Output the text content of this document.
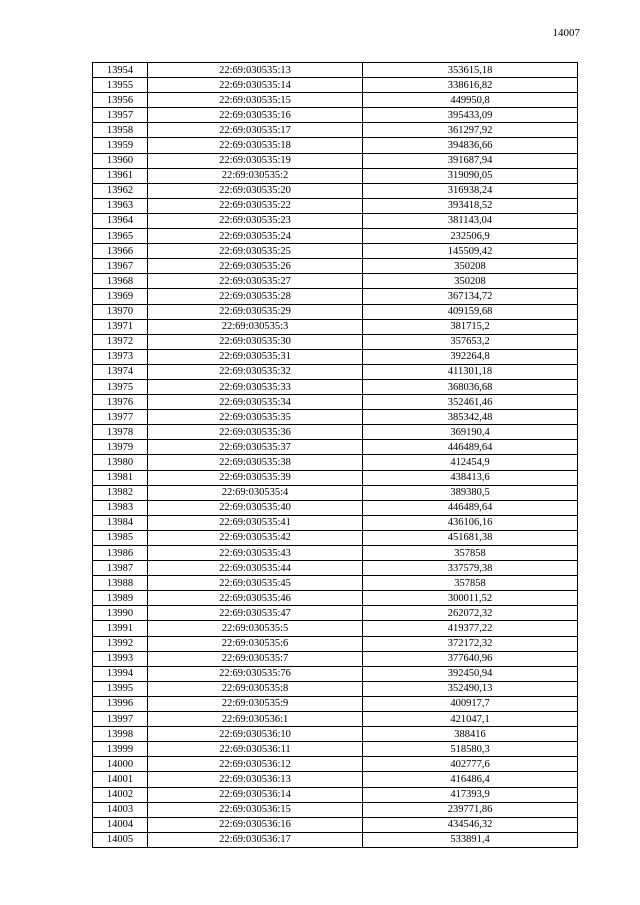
14007
13954	22:69:030535:13	353615,18
13955	22:69:030535:14	338616,82
13956	22:69:030535:15	449950,8
13957	22:69:030535:16	395433,09
13958	22:69:030535:17	361297,92
13959	22:69:030535:18	394836,66
13960	22:69:030535:19	391687,94
13961	22:69:030535:2	319090,05
13962	22:69:030535:20	316938,24
13963	22:69:030535:22	393418,52
13964	22:69:030535:23	381143,04
13965	22:69:030535:24	232506,9
13966	22:69:030535:25	145509,42
13967	22:69:030535:26	350208
13968	22:69:030535:27	350208
13969	22:69:030535:28	367134,72
13970	22:69:030535:29	409159,68
13971	22:69:030535:3	381715,2
13972	22:69:030535:30	357653,2
13973	22:69:030535:31	392264,8
13974	22:69:030535:32	411301,18
13975	22:69:030535:33	368036,68
13976	22:69:030535:34	352461,46
13977	22:69:030535:35	385342,48
13978	22:69:030535:36	369190,4
13979	22:69:030535:37	446489,64
13980	22:69:030535:38	412454,9
13981	22:69:030535:39	438413,6
13982	22:69:030535:4	389380,5
13983	22:69:030535:40	446489,64
13984	22:69:030535:41	436106,16
13985	22:69:030535:42	451681,38
13986	22:69:030535:43	357858
13987	22:69:030535:44	337579,38
13988	22:69:030535:45	357858
13989	22:69:030535:46	300011,52
13990	22:69:030535:47	262072,32
13991	22:69:030535:5	419377,22
13992	22:69:030535:6	372172,32
13993	22:69:030535:7	377640,96
13994	22:69:030535:76	392450,94
13995	22:69:030535:8	352490,13
13996	22:69:030535:9	400917,7
13997	22:69:030536:1	421047,1
13998	22:69:030536:10	388416
13999	22:69:030536:11	518580,3
14000	22:69:030536:12	402777,6
14001	22:69:030536:13	416486,4
14002	22:69:030536:14	417393,9
14003	22:69:030536:15	239771,86
14004	22:69:030536:16	434546,32
14005	22:69:030536:17	533891,4
